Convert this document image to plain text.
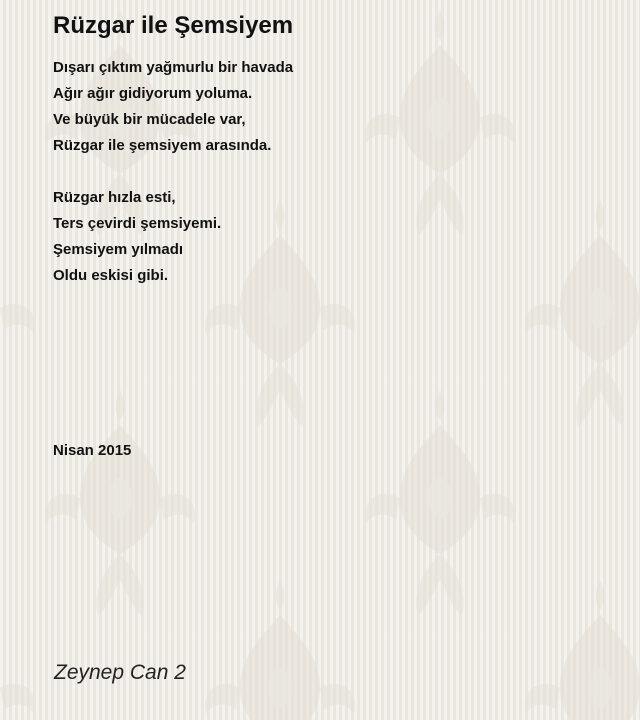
Rüzgar ile Şemsiyem
Dışarı çıktım yağmurlu bir havada
Ağır ağır gidiyorum yoluma.
Ve büyük bir mücadele var,
Rüzgar ile şemsiyem arasında.
Rüzgar hızla esti,
Ters çevirdi şemsiyemi.
Şemsiyem yılmadı
Oldu eskisi gibi.
Nisan 2015
Zeynep Can 2
